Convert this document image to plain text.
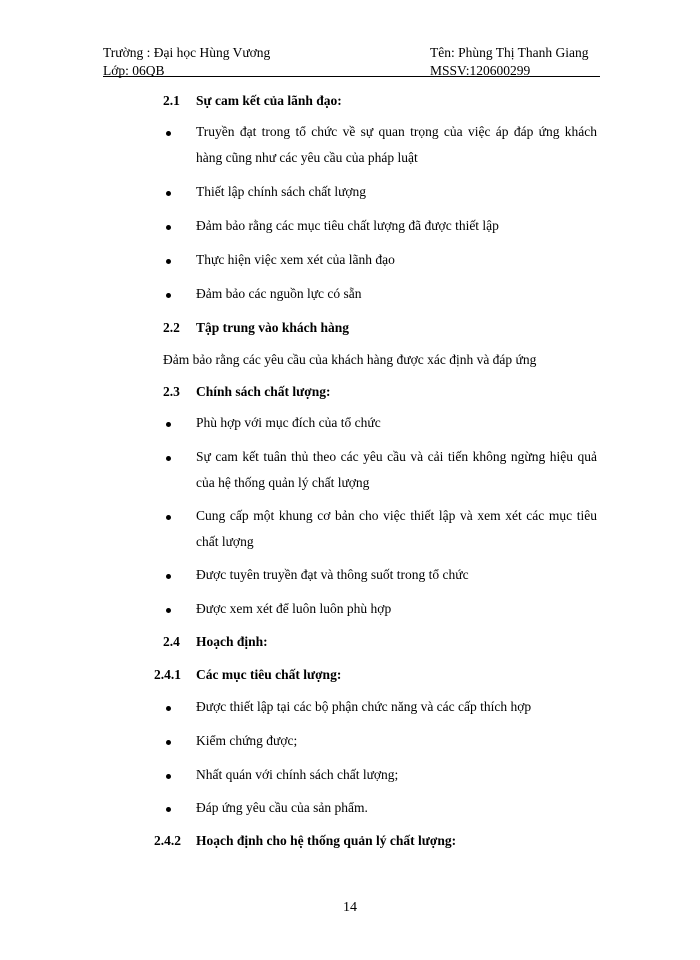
Trường : Đại học Hùng Vương
Lớp: 06QB
Tên: Phùng Thị Thanh Giang
MSSV:120600299
2.1 Sự cam kết của lãnh đạo:
Truyền đạt trong tổ chức về sự quan trọng của việc áp đáp ứng khách
hàng cũng như các yêu cầu của pháp luật
Thiết lập chính sách chất lượng
Đảm bảo rằng các mục tiêu chất lượng đã được thiết lập
Thực hiện việc xem xét của lãnh đạo
Đảm bảo các nguồn lực có sẵn
2.2 Tập trung vào khách hàng
Đảm bảo rằng các yêu cầu của khách hàng được xác định và đáp ứng
2.3 Chính sách chất lượng:
Phù hợp với mục đích của tổ chức
Sự cam kết tuân thủ theo các yêu cầu và cải tiến không ngừng hiệu quả
của hệ thống quản lý chất lượng
Cung cấp một khung cơ bản cho việc thiết lập và xem xét các mục tiêu
chất lượng
Được tuyên truyền đạt và thông suốt trong tổ chức
Được xem xét để luôn luôn phù hợp
2.4 Hoạch định:
2.4.1 Các mục tiêu chất lượng:
Được thiết lập tại các bộ phận chức năng và các cấp thích hợp
Kiểm chứng được;
Nhất quán với chính sách chất lượng;
Đáp ứng yêu cầu của sản phẩm.
2.4.2 Hoạch định cho hệ thống quản lý chất lượng:
14
